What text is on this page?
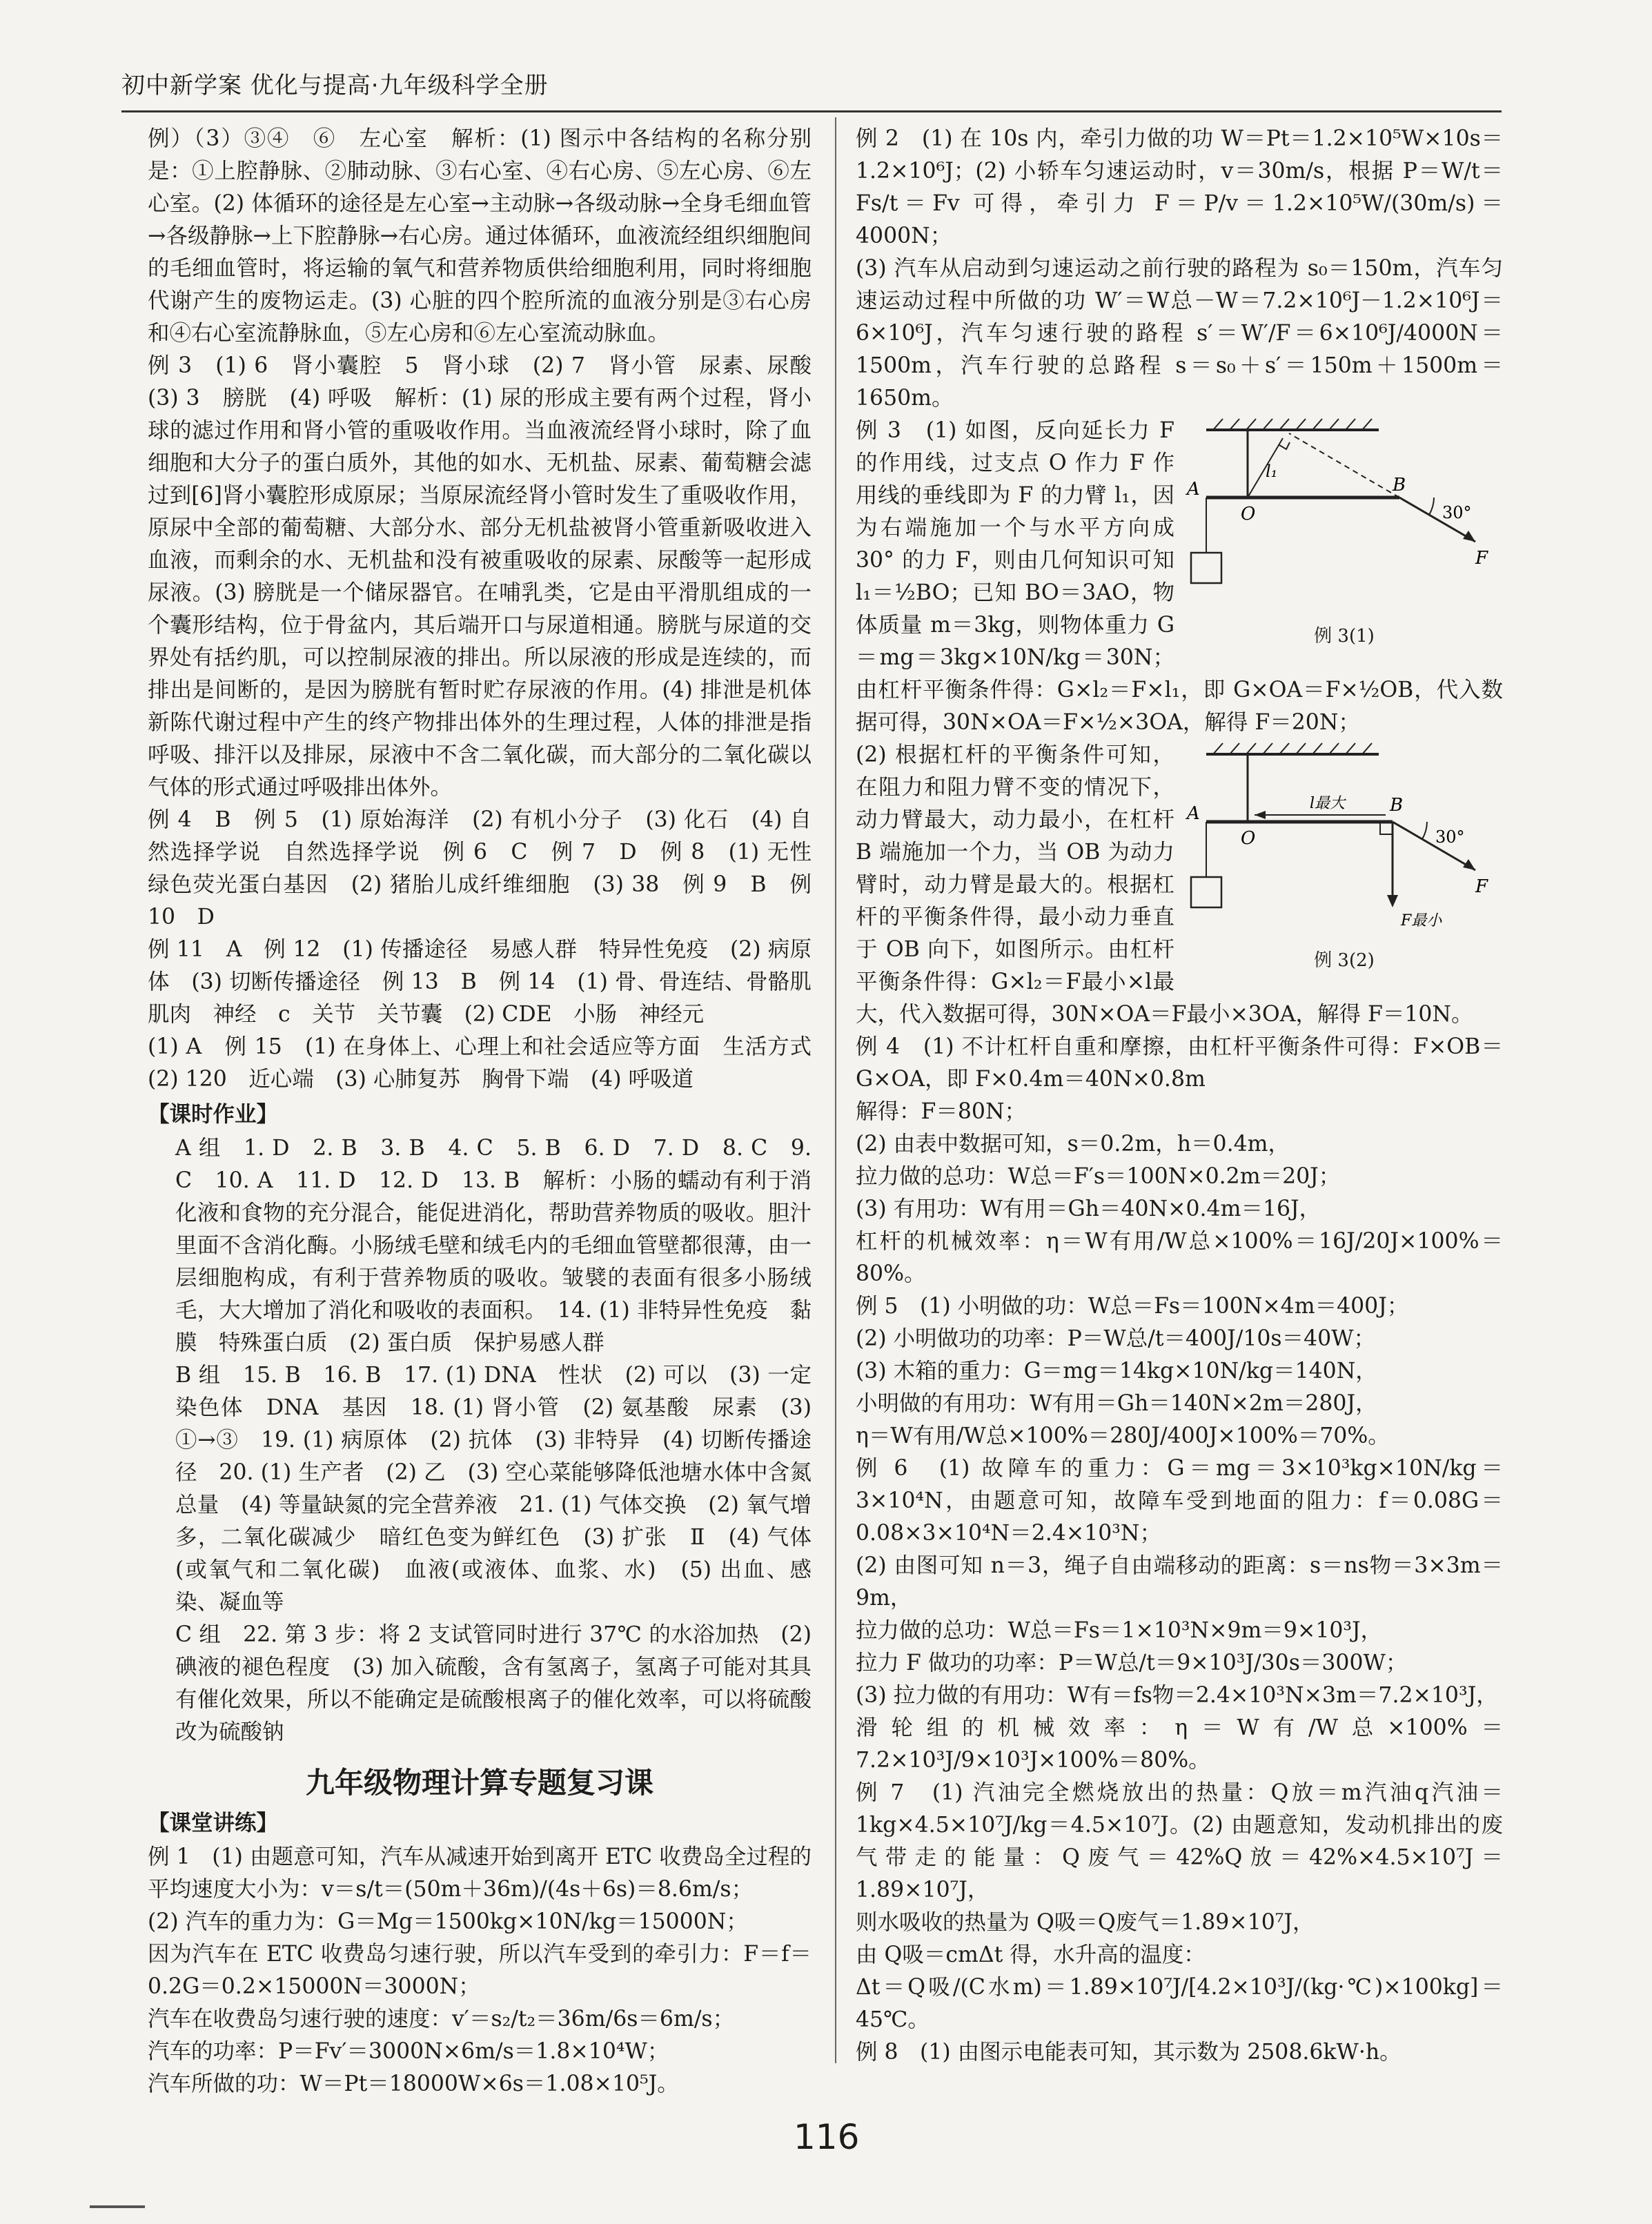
初中新学案 优化与提高·九年级科学全册

例）（3）③④　⑥　左心室　解析：(1) 图示中各结构的名称分别是：①上腔静脉、②肺动脉、③右心室、④右心房、⑤左心房、⑥左心室。(2) 体循环的途径是左心室→主动脉→各级动脉→全身毛细血管→各级静脉→上下腔静脉→右心房。通过体循环，血液流经组织细胞间的毛细血管时，将运输的氧气和营养物质供给细胞利用，同时将细胞代谢产生的废物运走。(3) 心脏的四个腔所流的血液分别是③右心房和④右心室流静脉血，⑤左心房和⑥左心室流动脉血。

例 3　(1) 6　肾小囊腔　5　肾小球　(2) 7　肾小管　尿素、尿酸　(3) 3　膀胱　(4) 呼吸　解析：(1) 尿的形成主要有两个过程，肾小球的滤过作用和肾小管的重吸收作用。当血液流经肾小球时，除了血细胞和大分子的蛋白质外，其他的如水、无机盐、尿素、葡萄糖会滤过到[6]肾小囊腔形成原尿；当原尿流经肾小管时发生了重吸收作用，原尿中全部的葡萄糖、大部分水、部分无机盐被肾小管重新吸收进入血液，而剩余的水、无机盐和没有被重吸收的尿素、尿酸等一起形成尿液。(3) 膀胱是一个储尿器官。在哺乳类，它是由平滑肌组成的一个囊形结构，位于骨盆内，其后端开口与尿道相通。膀胱与尿道的交界处有括约肌，可以控制尿液的排出。所以尿液的形成是连续的，而排出是间断的，是因为膀胱有暂时贮存尿液的作用。(4) 排泄是机体新陈代谢过程中产生的终产物排出体外的生理过程，人体的排泄是指呼吸、排汗以及排尿，尿液中不含二氧化碳，而大部分的二氧化碳以气体的形式通过呼吸排出体外。

例 4　B　例 5　(1) 原始海洋　(2) 有机小分子　(3) 化石　(4) 自然选择学说　自然选择学说　例 6　C　例 7　D　例 8　(1) 无性　绿色荧光蛋白基因　(2) 猪胎儿成纤维细胞　(3) 38　例 9　B　例 10　D

例 11　A　例 12　(1) 传播途径　易感人群　特异性免疫　(2) 病原体　(3) 切断传播途径　例 13　B　例 14　(1) 骨、骨连结、骨骼肌　肌肉　神经　c　关节　关节囊　(2) CDE　小肠　神经元

(1) A　例 15　(1) 在身体上、心理上和社会适应等方面　生活方式　(2) 120　近心端　(3) 心肺复苏　胸骨下端　(4) 呼吸道

【课时作业】

A 组　1. D　2. B　3. B　4. C　5. B　6. D　7. D　8. C　9. C　10. A　11. D　12. D　13. B　解析：小肠的蠕动有利于消化液和食物的充分混合，能促进消化，帮助营养物质的吸收。胆汁里面不含消化酶。小肠绒毛壁和绒毛内的毛细血管壁都很薄，由一层细胞构成，有利于营养物质的吸收。皱襞的表面有很多小肠绒毛，大大增加了消化和吸收的表面积。　14. (1) 非特异性免疫　黏膜　特殊蛋白质　(2) 蛋白质　保护易感人群

B 组　15. B　16. B　17. (1) DNA　性状　(2) 可以　(3) 一定　染色体　DNA　基因　18. (1) 肾小管　(2) 氨基酸　尿素　(3) ①→③　19. (1) 病原体　(2) 抗体　(3) 非特异　(4) 切断传播途径　20. (1) 生产者　(2) 乙　(3) 空心菜能够降低池塘水体中含氮总量　(4) 等量缺氮的完全营养液　21. (1) 气体交换　(2) 氧气增多，二氧化碳减少　暗红色变为鲜红色　(3) 扩张　Ⅱ　(4) 气体(或氧气和二氧化碳)　血液(或液体、血浆、水)　(5) 出血、感染、凝血等

C 组　22. 第 3 步：将 2 支试管同时进行 37℃ 的水浴加热　(2) 碘液的褪色程度　(3) 加入硫酸，含有氢离子，氢离子可能对其具有催化效果，所以不能确定是硫酸根离子的催化效率，可以将硫酸改为硫酸钠

九年级物理计算专题复习课
【课堂讲练】

例 1　(1) 由题意可知，汽车从减速开始到离开 ETC 收费岛全过程的平均速度大小为：v＝s/t＝(50m＋36m)/(4s＋6s)＝8.6m/s；

(2) 汽车的重力为：G＝Mg＝1500kg×10N/kg＝15000N；

因为汽车在 ETC 收费岛匀速行驶，所以汽车受到的牵引力：F＝f＝0.2G＝0.2×15000N＝3000N；

汽车在收费岛匀速行驶的速度：v′＝s₂/t₂＝36m/6s＝6m/s；

汽车的功率：P＝Fv′＝3000N×6m/s＝1.8×10⁴W；

汽车所做的功：W＝Pt＝18000W×6s＝1.08×10⁵J。

例 2　(1) 在 10s 内，牵引力做的功 W＝Pt＝1.2×10⁵W×10s＝1.2×10⁶J；(2) 小轿车匀速运动时，v＝30m/s，根据 P＝W/t＝Fs/t＝Fv 可得，牵引力 F＝P/v＝1.2×10⁵W/(30m/s)＝4000N；

(3) 汽车从启动到匀速运动之前行驶的路程为 s₀＝150m，汽车匀速运动过程中所做的功 W′＝W总－W＝7.2×10⁶J－1.2×10⁶J＝6×10⁶J，汽车匀速行驶的路程 s′＝W′/F＝6×10⁶J/4000N＝1500m，汽车行驶的总路程 s＝s₀＋s′＝150m＋1500m＝1650m。

A
O
B
l₁
30°
F
例 3(1)

例 3　(1) 如图，反向延长力 F 的作用线，过支点 O 作力 F 作用线的垂线即为 F 的力臂 l₁，因为右端施加一个与水平方向成 30° 的力 F，则由几何知识可知 l₁＝½BO；已知 BO＝3AO，物体质量 m＝3kg，则物体重力 G＝mg＝3kg×10N/kg＝30N；由杠杆平衡条件得：G×l₂＝F×l₁，即 G×OA＝F×½OB，代入数据可得，30N×OA＝F×½×3OA，解得 F＝20N；

A
O
B
l最大
F最小
30°
F
例 3(2)

(2) 根据杠杆的平衡条件可知，在阻力和阻力臂不变的情况下，动力臂最大，动力最小，在杠杆 B 端施加一个力，当 OB 为动力臂时，动力臂是最大的。根据杠杆的平衡条件得，最小动力垂直于 OB 向下，如图所示。由杠杆平衡条件得：G×l₂＝F最小×l最大，代入数据可得，30N×OA＝F最小×3OA，解得 F＝10N。

例 4　(1) 不计杠杆自重和摩擦，由杠杆平衡条件可得：F×OB＝G×OA，即 F×0.4m＝40N×0.8m

解得：F＝80N；

(2) 由表中数据可知，s＝0.2m，h＝0.4m，

拉力做的总功：W总＝F′s＝100N×0.2m＝20J；

(3) 有用功：W有用＝Gh＝40N×0.4m＝16J，

杠杆的机械效率：η＝W有用/W总×100%＝16J/20J×100%＝80%。

例 5　(1) 小明做的功：W总＝Fs＝100N×4m＝400J；

(2) 小明做功的功率：P＝W总/t＝400J/10s＝40W；

(3) 木箱的重力：G＝mg＝14kg×10N/kg＝140N，

小明做的有用功：W有用＝Gh＝140N×2m＝280J，

η＝W有用/W总×100%＝280J/400J×100%＝70%。

例 6　(1) 故障车的重力：G＝mg＝3×10³kg×10N/kg＝3×10⁴N，由题意可知，故障车受到地面的阻力：f＝0.08G＝0.08×3×10⁴N＝2.4×10³N；

(2) 由图可知 n＝3，绳子自由端移动的距离：s＝ns物＝3×3m＝9m，

拉力做的总功：W总＝Fs＝1×10³N×9m＝9×10³J，

拉力 F 做功的功率：P＝W总/t＝9×10³J/30s＝300W；

(3) 拉力做的有用功：W有＝fs物＝2.4×10³N×3m＝7.2×10³J，

滑轮组的机械效率：η＝W有/W总×100%＝7.2×10³J/9×10³J×100%＝80%。

例 7　(1) 汽油完全燃烧放出的热量：Q放＝m汽油q汽油＝1kg×4.5×10⁷J/kg＝4.5×10⁷J。(2) 由题意知，发动机排出的废气带走的能量：Q废气＝42%Q放＝42%×4.5×10⁷J＝1.89×10⁷J，

则水吸收的热量为 Q吸＝Q废气＝1.89×10⁷J，

由 Q吸＝cmΔt 得，水升高的温度：

Δt＝Q吸/(C水m)＝1.89×10⁷J/[4.2×10³J/(kg·℃)×100kg]＝45℃。

例 8　(1) 由图示电能表可知，其示数为 2508.6kW·h。

116
